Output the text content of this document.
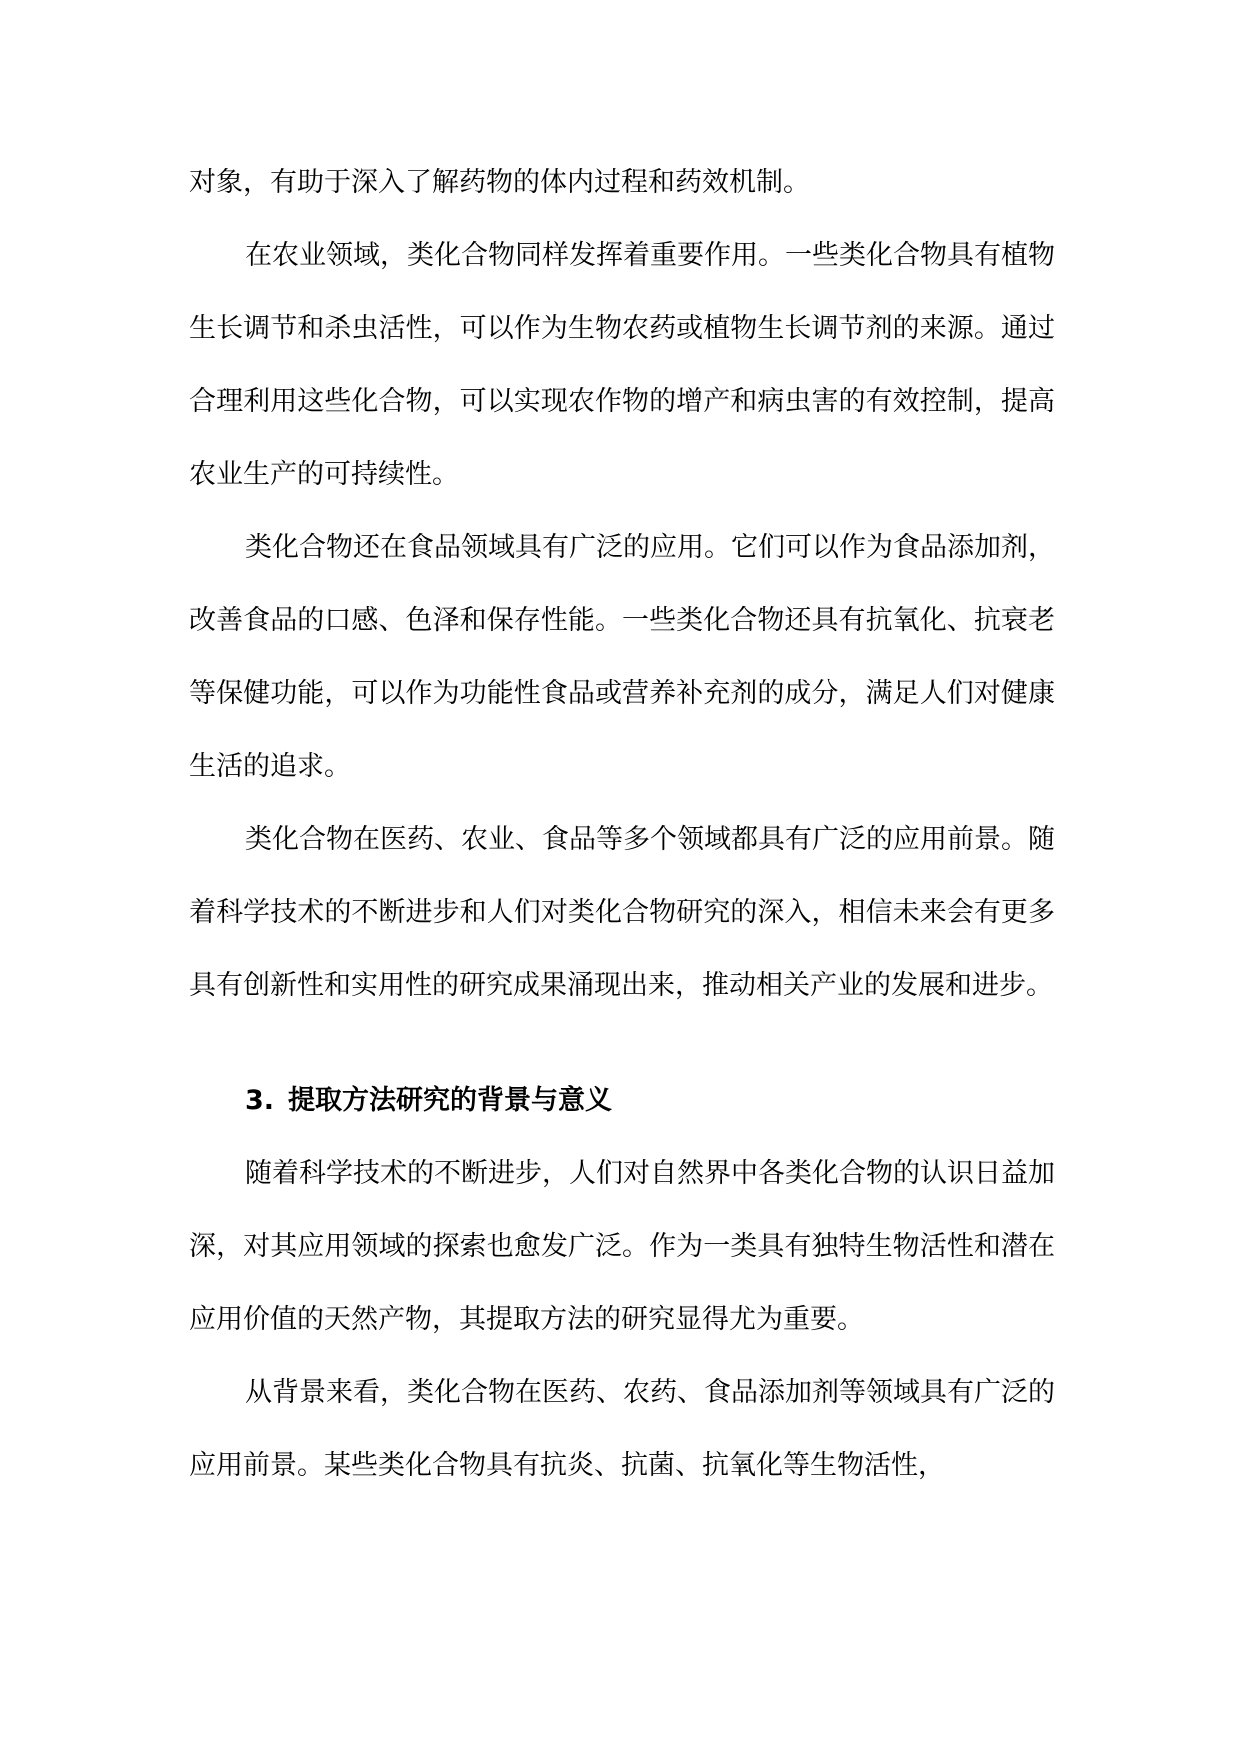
对象，有助于深入了解药物的体内过程和药效机制。

在农业领域，类化合物同样发挥着重要作用。一些类化合物具有植物生长调节和杀虫活性，可以作为生物农药或植物生长调节剂的来源。通过合理利用这些化合物，可以实现农作物的增产和病虫害的有效控制，提高农业生产的可持续性。

类化合物还在食品领域具有广泛的应用。它们可以作为食品添加剂，改善食品的口感、色泽和保存性能。一些类化合物还具有抗氧化、抗衰老等保健功能，可以作为功能性食品或营养补充剂的成分，满足人们对健康生活的追求。

类化合物在医药、农业、食品等多个领域都具有广泛的应用前景。随着科学技术的不断进步和人们对类化合物研究的深入，相信未来会有更多具有创新性和实用性的研究成果涌现出来，推动相关产业的发展和进步。

3. 提取方法研究的背景与意义

随着科学技术的不断进步，人们对自然界中各类化合物的认识日益加深，对其应用领域的探索也愈发广泛。作为一类具有独特生物活性和潜在应用价值的天然产物，其提取方法的研究显得尤为重要。

从背景来看，类化合物在医药、农药、食品添加剂等领域具有广泛的应用前景。某些类化合物具有抗炎、抗菌、抗氧化等生物活性，
